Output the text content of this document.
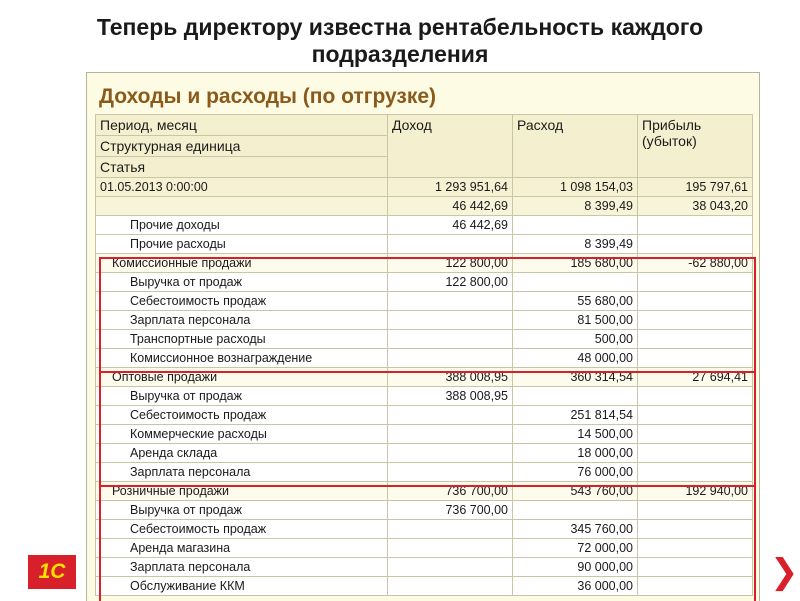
Теперь директору известна рентабельность каждого
подразделения
Доходы и расходы (по отгрузке)
Период, месяц	Доход	Расход	Прибыль
(убыток)

Структурная единица			
Статья			
01.05.2013 0:00:00	1 293 951,64	1 098 154,03	195 797,61
	46 442,69	8 399,49	38 043,20
Прочие доходы	46 442,69		
Прочие расходы		8 399,49	
Комиссионные продажи	122 800,00	185 680,00	-62 880,00
Выручка от продаж	122 800,00		
Себестоимость продаж		55 680,00	
Зарплата персонала		81 500,00	
Транспортные расходы		500,00	
Комиссионное вознаграждение		48 000,00	
Оптовые продажи	388 008,95	360 314,54	27 694,41
Выручка от продаж	388 008,95		
Себестоимость продаж		251 814,54	
Коммерческие расходы		14 500,00	
Аренда склада		18 000,00	
Зарплата персонала		76 000,00	
Розничные продажи	736 700,00	543 760,00	192 940,00
Выручка от продаж	736 700,00		
Себестоимость продаж		345 760,00	
Аренда магазина		72 000,00	
Зарплата персонала		90 000,00	
Обслуживание ККМ		36 000,00	
1С	❯
